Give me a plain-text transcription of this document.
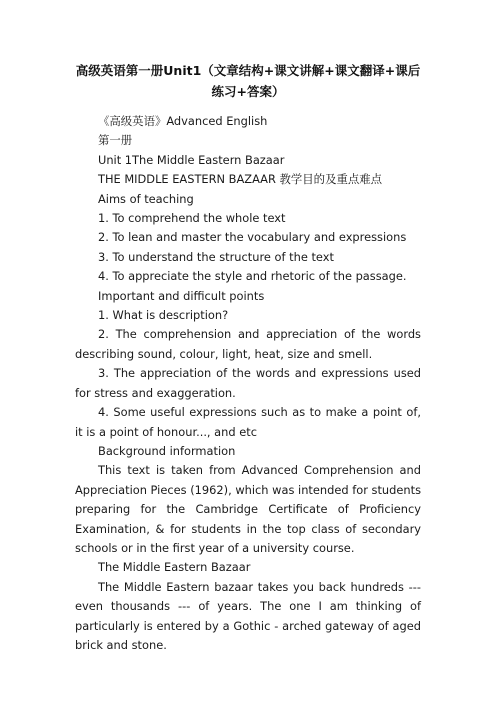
高级英语第一册Unit1（文章结构+课文讲解+课文翻译+课后练习+答案）

《高级英语》Advanced English

第一册

Unit 1The Middle Eastern Bazaar

THE MIDDLE EASTERN BAZAAR 教学目的及重点难点

Aims of teaching

1. To comprehend the whole text

2. To lean and master the vocabulary and expressions

3. To understand the structure of the text

4. To appreciate the style and rhetoric of the passage.

Important and difficult points

1. What is description?

2. The comprehension and appreciation of the words describing sound, colour, light, heat, size and smell.

3. The appreciation of the words and expressions used for stress and exaggeration.

4. Some useful expressions such as to make a point of, it is a point of honour..., and etc

Background information

This text is taken from Advanced Comprehension and Appreciation Pieces (1962), which was intended for students preparing for the Cambridge Certificate of Proficiency Examination, & for students in the top class of secondary schools or in the first year of a university course.

The Middle Eastern Bazaar

The Middle Eastern bazaar takes you back hundreds --- even thousands --- of years. The one I am thinking of particularly is entered by a Gothic - arched gateway of aged brick and stone.
